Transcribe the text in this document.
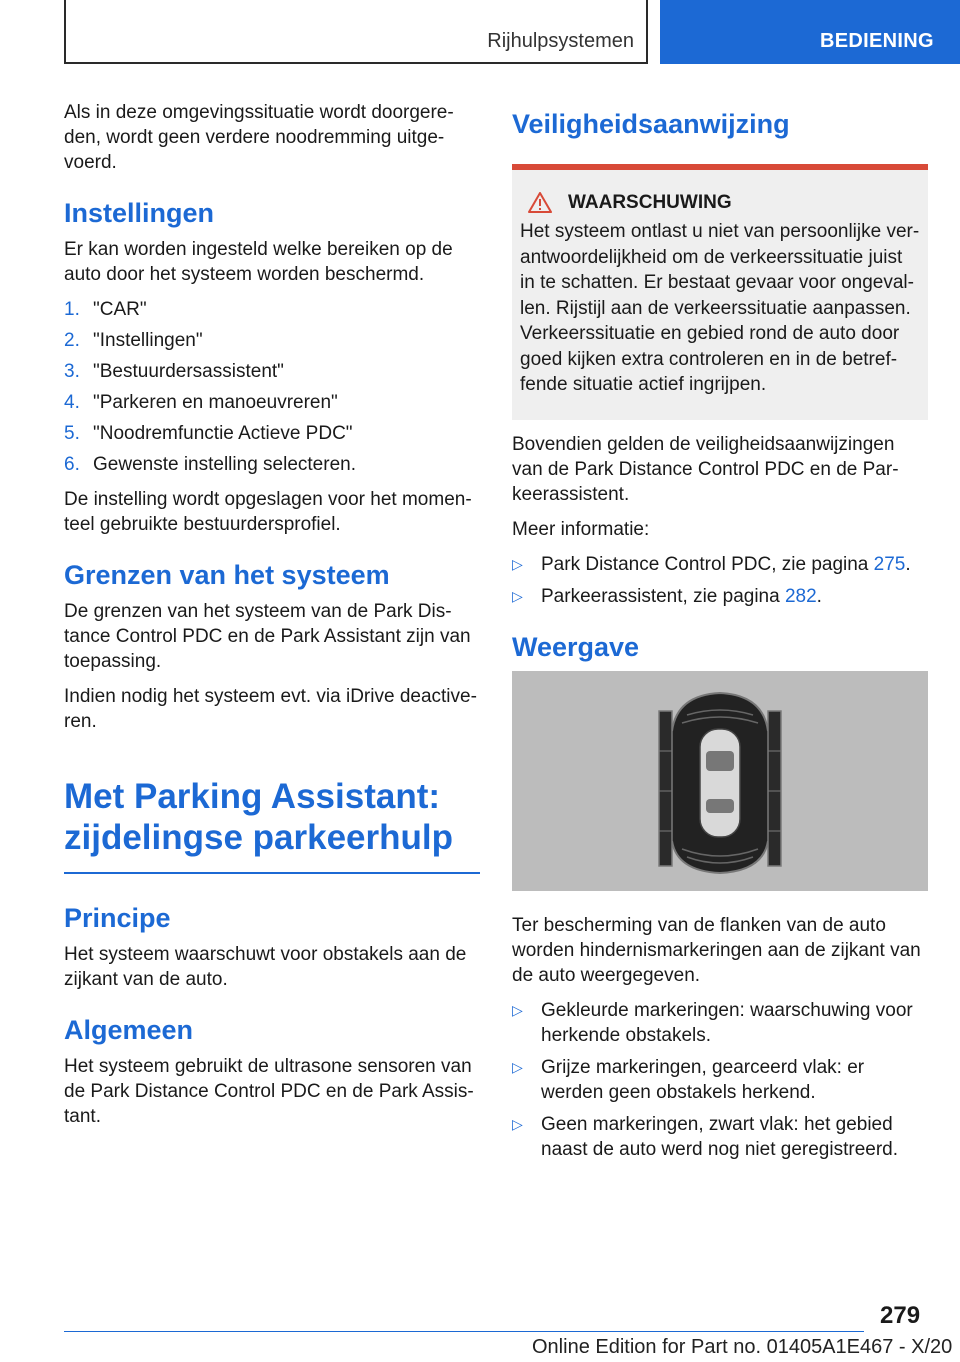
Rijhulpsystemen	BEDIENING

Als in deze omgevingssituatie wordt doorgereden, wordt geen verdere noodremming uitgevoerd.

Instellingen

Er kan worden ingesteld welke bereiken op de auto door het systeem worden beschermd.

1. "CAR"
2. "Instellingen"
3. "Bestuurdersassistent"
4. "Parkeren en manoeuvreren"
5. "Noodremfunctie Actieve PDC"
6. Gewenste instelling selecteren.

De instelling wordt opgeslagen voor het momenteel gebruikte bestuurdersprofiel.

Grenzen van het systeem

De grenzen van het systeem van de Park Distance Control PDC en de Park Assistant zijn van toepassing.

Indien nodig het systeem evt. via iDrive deactiveren.

Met Parking Assistant: zijdelingse parkeerhulp
Principe

Het systeem waarschuwt voor obstakels aan de zijkant van de auto.

Algemeen

Het systeem gebruikt de ultrasone sensoren van de Park Distance Control PDC en de Park Assistant.

Veiligheidsaanwijzing
WAARSCHUWING
Het systeem ontlast u niet van persoonlijke verantwoordelijkheid om de verkeerssituatie juist in te schatten. Er bestaat gevaar voor ongevallen. Rijstijl aan de verkeerssituatie aanpassen. Verkeerssituatie en gebied rond de auto door goed kijken extra controleren en in de betreffende situatie actief ingrijpen.

Bovendien gelden de veiligheidsaanwijzingen van de Park Distance Control PDC en de Parkeerassistent.

Meer informatie:

▷ Park Distance Control PDC, zie pagina 275.
▷ Parkeerassistent, zie pagina 282.
Weergave

Ter bescherming van de flanken van de auto worden hindernismarkeringen aan de zijkant van de auto weergegeven.

▷ Gekleurde markeringen: waarschuwing voor herkende obstakels.
▷ Grijze markeringen, gearceerd vlak: er werden geen obstakels herkend.
▷ Geen markeringen, zwart vlak: het gebied naast de auto werd nog niet geregistreerd.
279
Online Edition for Part no. 01405A1E467 - X/20
